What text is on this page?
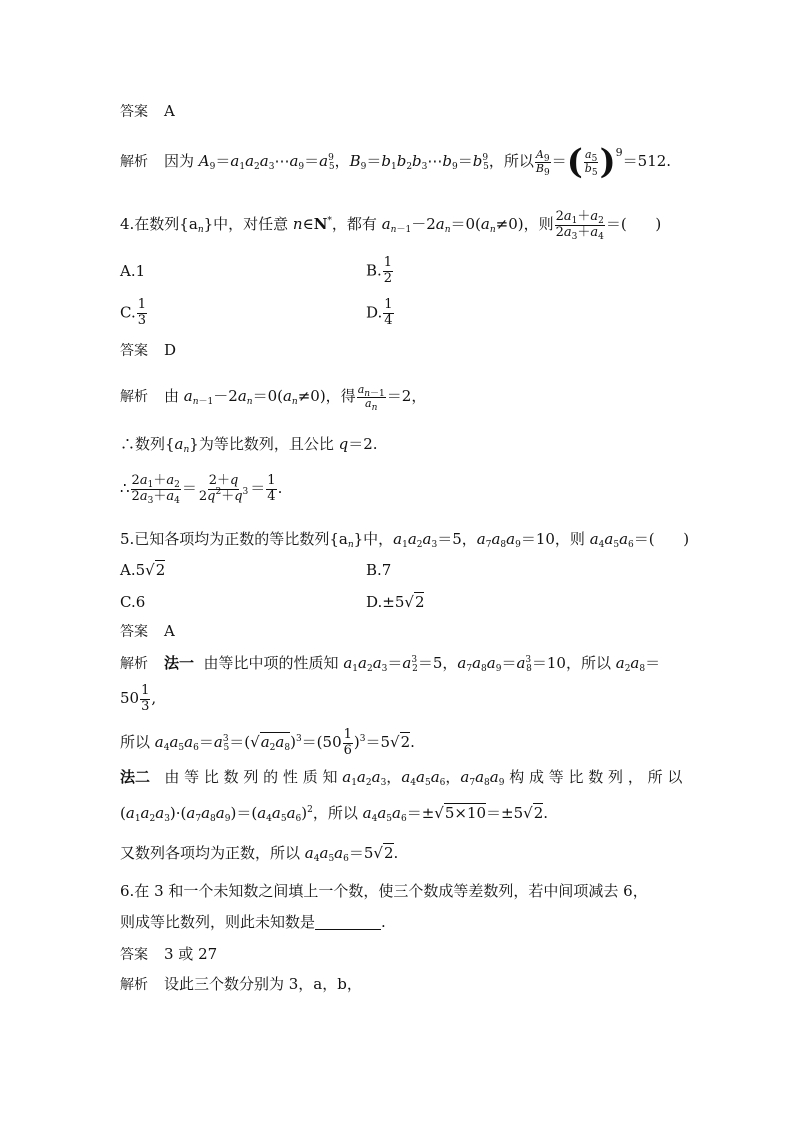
答案 A
解析 因为 $A_9=a_1a_2a_3\cdots a_9=a^9_5$，$B_9=b_1b_2b_3\cdots b_9=b^9_5$，所以 $\frac{A_9}{B_9}$ ＝ ( $\frac{a_5}{b_5}$ ) $^9$＝512.
4.在数列$\{a_n\}$中，对任意 n∈N*，都有 $a_{n-1}-2a_n=0(a_n\ne 0)$，则 $\frac{2a_1+a_2}{2a_3+a_4}$ ＝(      )
A.1	B. $\frac{1}{2}$
C. $\frac{1}{3}$	D. $\frac{1}{4}$
答案 D
解析 由 $a_{n-1}-2a_n=0(a_n\ne 0)$，得 $\frac{a_{n-1}}{a_n} =2$，
∴数列$\{a_n\}$为等比数列，且公比 q＝2.
∴ $\frac{2a_1+a_2}{2a_3+a_4} = \frac{2+q}{2q^2+q^3} = \frac{1}{4}$ .
5.已知各项均为正数的等比数列$\{a_n\}$中，$a_1a_2a_3=5$，$a_7a_8a_9=10$，则 $a_4a_5a_6=$(      )
A.5√2	B.7
C.6	D.±5√2
答案 A
解析 法一  由等比中项的性质知 $a_1a_2a_3=a^3_2=5$，$a_7a_8a_9=a^3_8=10$，所以 $a_2a_8=$
$50 \frac{1}{3}$ ,
所以 $a_4a_5a_6=a^3_5=(√a_2a_8)^3=(50 \frac{1}{6} )^3=5√2$.
法二   由 等 比 数 列 的 性 质 知 $a_1a_2a_3$，$a_4a_5a_6$，$a_7a_8a_9$ 构 成 等 比 数 列 ， 所 以
$(a_1a_2a_3)\cdot(a_7a_8a_9)=(a_4a_5a_6)^2$，所以 $a_4a_5a_6=\pm√5\times 10=\pm 5√2$.
又数列各项均为正数，所以 $a_4a_5a_6=5√2$.
6.在 3 和一个未知数之间填上一个数，使三个数成等差数列，若中间项减去 6，
则成等比数列，则此未知数是	.
答案 3 或 27
解析 设此三个数分别为 3，a，b，
